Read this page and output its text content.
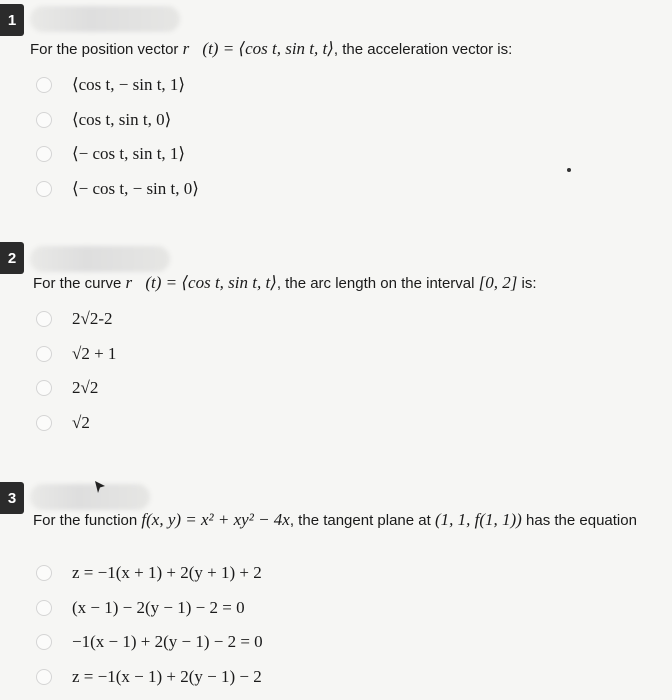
1
For the position vector r⃗(t) = ⟨cos t, sin t, t⟩, the acceleration vector is:
⟨cos t, − sin t, 1⟩
⟨cos t, sin t, 0⟩
⟨− cos t, sin t, 1⟩
⟨− cos t, − sin t, 0⟩
2
For the curve r⃗(t) = ⟨cos t, sin t, t⟩, the arc length on the interval [0, 2] is:
2√2-2
√2 + 1
2√2
√2
3
For the function f(x, y) = x² + xy² − 4x, the tangent plane at (1, 1, f(1, 1)) has the equation
z = −1(x + 1) + 2(y + 1) + 2
(x − 1) − 2(y − 1) − 2 = 0
−1(x − 1) + 2(y − 1) − 2 = 0
z = −1(x − 1) + 2(y − 1) − 2
